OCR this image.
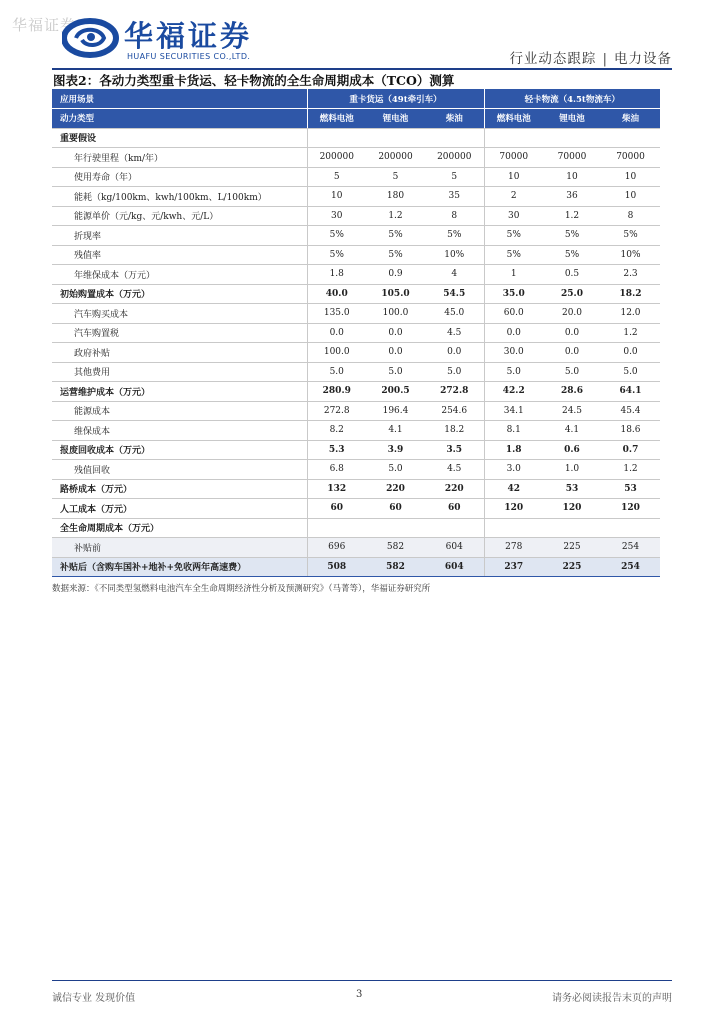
华福证券 华福证券
HUAFU SECURITIES CO.,LTD.	行业动态跟踪 | 电力设备
图表2：各动力类型重卡货运、轻卡物流的全生命周期成本（TCO）测算
应用场景	重卡货运（49t牵引车）			轻卡物流（4.5t物流车）		
动力类型	燃料电池	锂电池	柴油	燃料电池	锂电池	柴油
重要假设						
年行驶里程（km/年）	200000	200000	200000	70000	70000	70000
使用寿命（年）	5	5	5	10	10	10
能耗（kg/100km、kwh/100km、L/100km）	10	180	35	2	36	10
能源单价（元/kg、元/kwh、元/L）	30	1.2	8	30	1.2	8
折现率	5%	5%	5%	5%	5%	5%
残值率	5%	5%	10%	5%	5%	10%
年维保成本（万元）	1.8	0.9	4	1	0.5	2.3
初始购置成本（万元）	40.0	105.0	54.5	35.0	25.0	18.2
汽车购买成本	135.0	100.0	45.0	60.0	20.0	12.0
汽车购置税	0.0	0.0	4.5	0.0	0.0	1.2
政府补贴	100.0	0.0	0.0	30.0	0.0	0.0
其他费用	5.0	5.0	5.0	5.0	5.0	5.0
运营维护成本（万元）	280.9	200.5	272.8	42.2	28.6	64.1
能源成本	272.8	196.4	254.6	34.1	24.5	45.4
维保成本	8.2	4.1	18.2	8.1	4.1	18.6
报废回收成本（万元）	5.3	3.9	3.5	1.8	0.6	0.7
残值回收	6.8	5.0	4.5	3.0	1.0	1.2
路桥成本（万元）	132	220	220	42	53	53
人工成本（万元）	60	60	60	120	120	120
全生命周期成本（万元）						
补贴前	696	582	604	278	225	254
补贴后（含购车国补+地补+免收两年高速费）	508	582	604	237	225	254
数据来源：《不同类型氢燃料电池汽车全生命周期经济性分析及预测研究》（马菁等），华福证券研究所
诚信专业 发现价值	3	请务必阅读报告末页的声明
